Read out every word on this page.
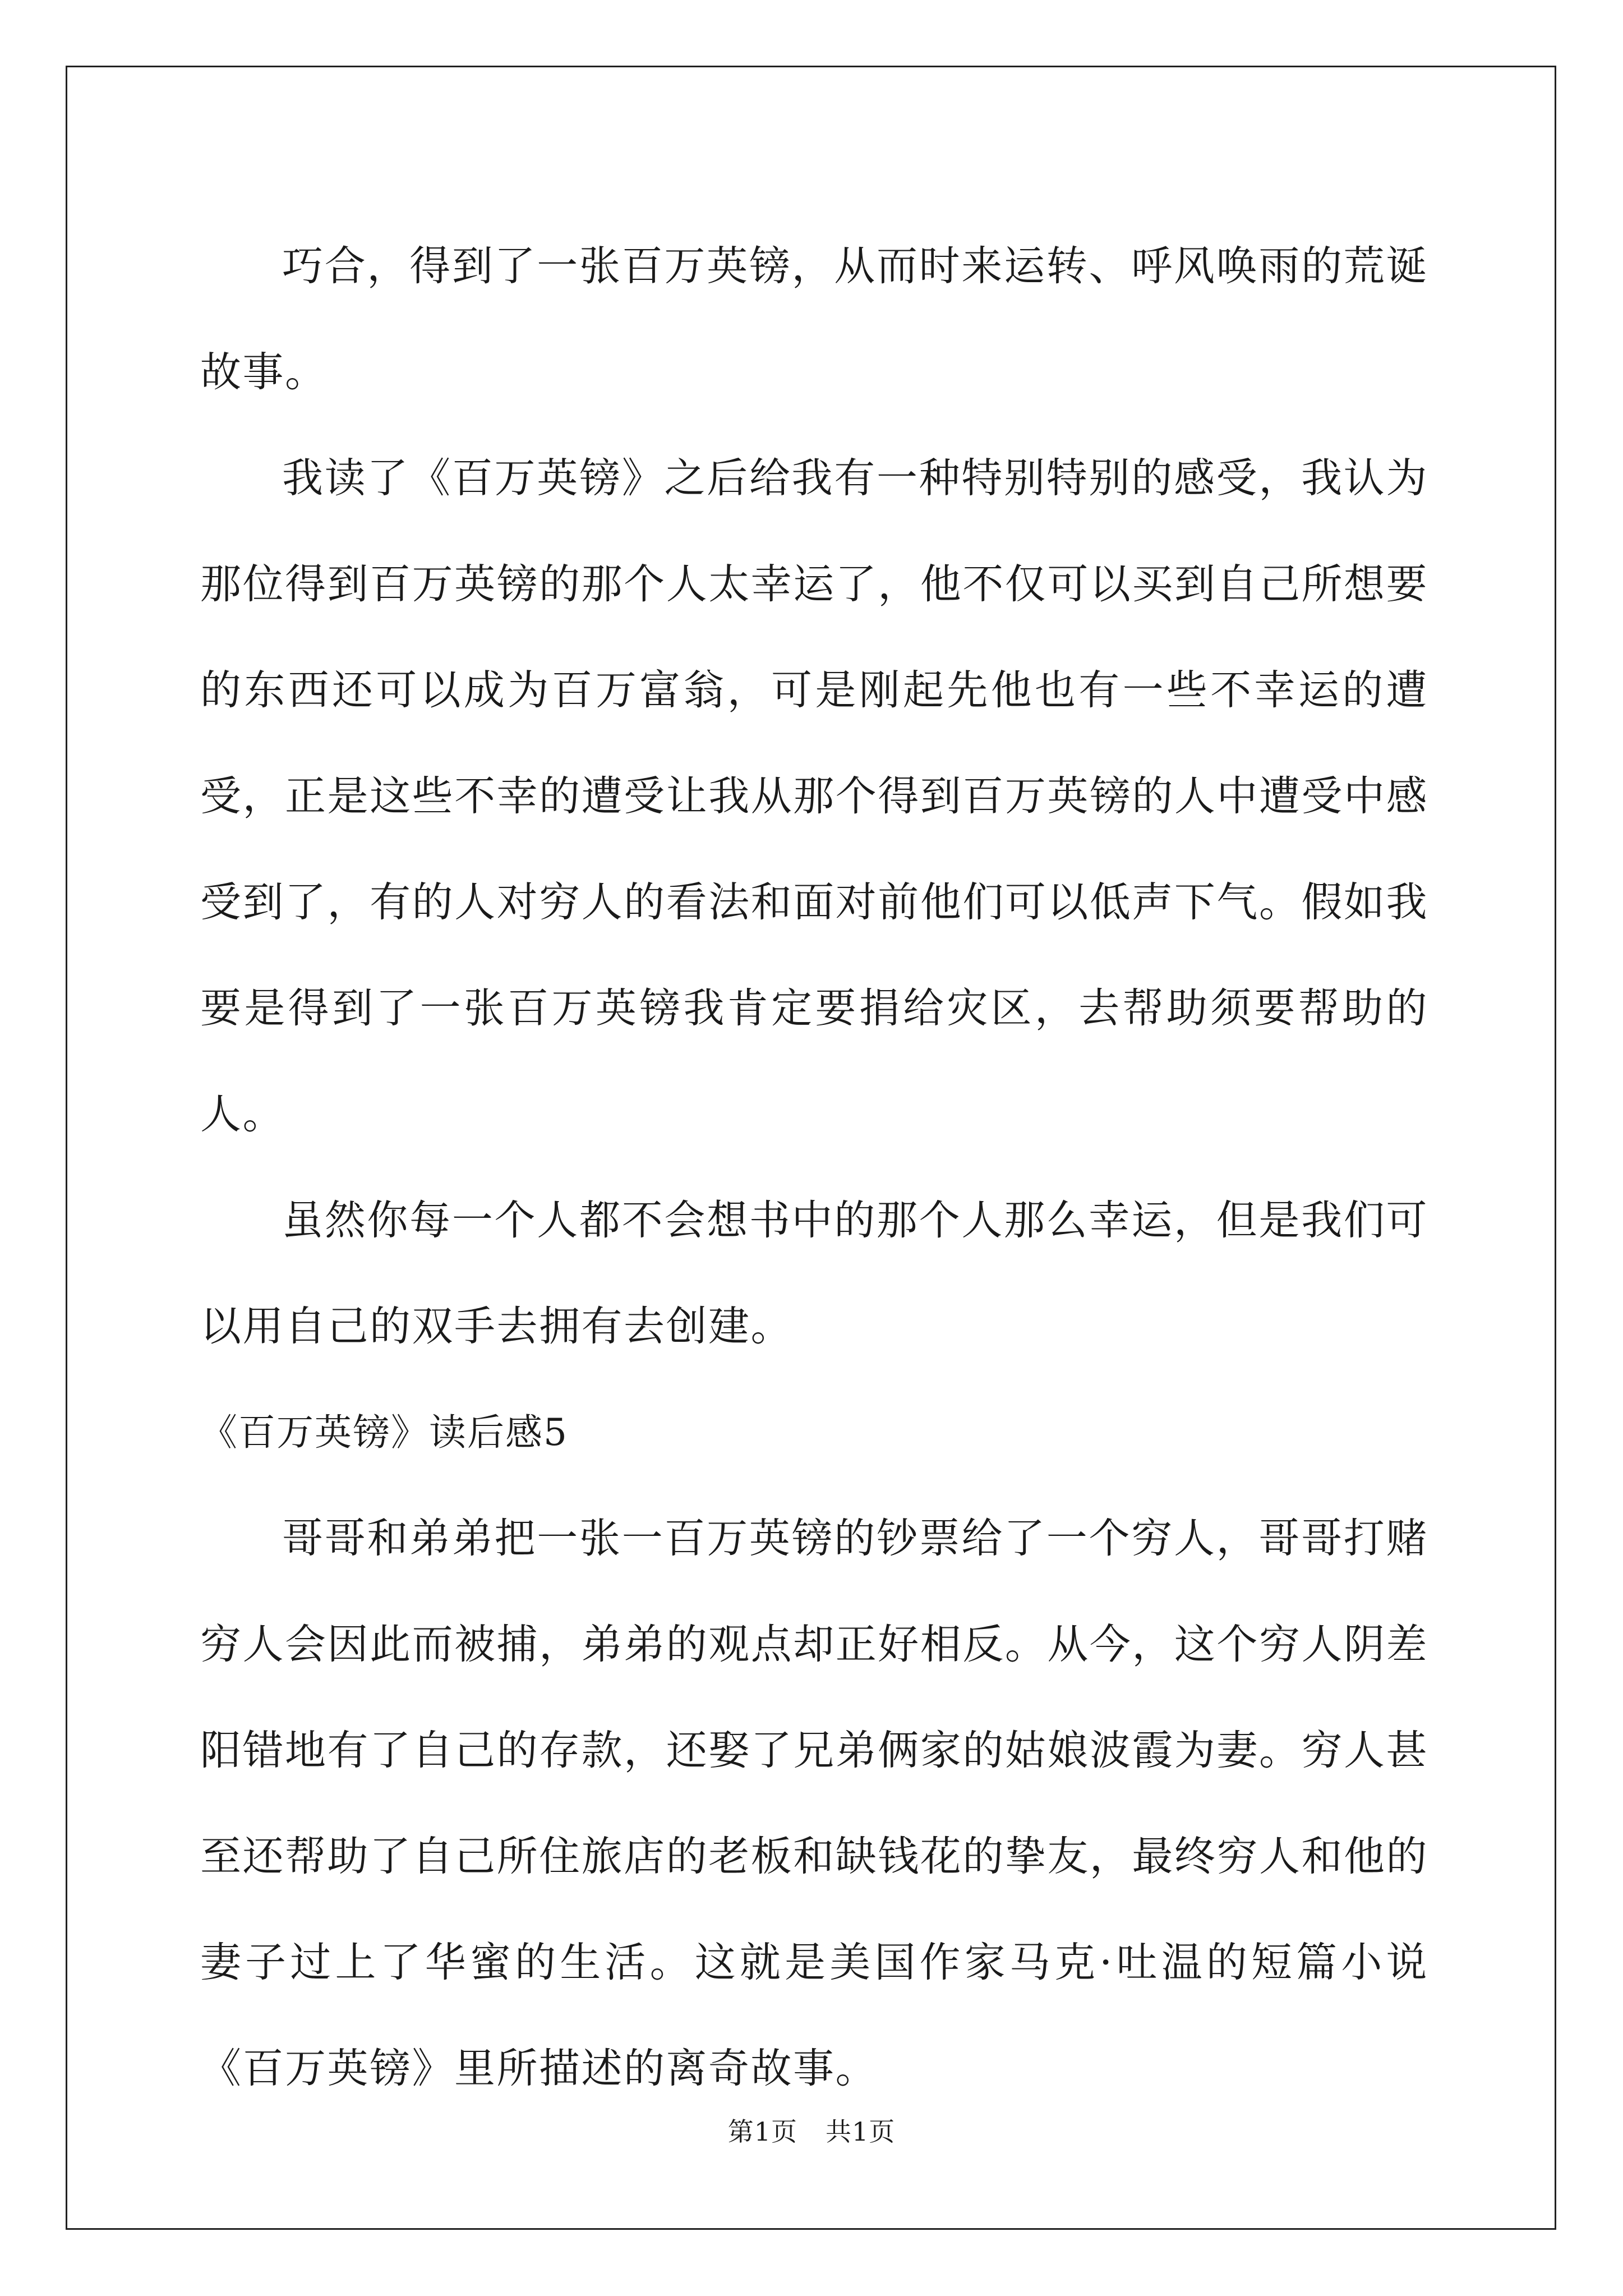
巧合，得到了一张百万英镑，从而时来运转、呼风唤雨的荒诞故事。

我读了《百万英镑》之后给我有一种特别特别的感受，我认为那位得到百万英镑的那个人太幸运了，他不仅可以买到自己所想要的东西还可以成为百万富翁，可是刚起先他也有一些不幸运的遭受，正是这些不幸的遭受让我从那个得到百万英镑的人中遭受中感受到了，有的人对穷人的看法和面对前他们可以低声下气。假如我要是得到了一张百万英镑我肯定要捐给灾区，去帮助须要帮助的人。

虽然你每一个人都不会想书中的那个人那么幸运，但是我们可以用自己的双手去拥有去创建。

《百万英镑》读后感5

哥哥和弟弟把一张一百万英镑的钞票给了一个穷人，哥哥打赌穷人会因此而被捕，弟弟的观点却正好相反。从今，这个穷人阴差阳错地有了自己的存款，还娶了兄弟俩家的姑娘波霞为妻。穷人甚至还帮助了自己所住旅店的老板和缺钱花的挚友，最终穷人和他的妻子过上了华蜜的生活。这就是美国作家马克·吐温的短篇小说《百万英镑》里所描述的离奇故事。

第1页 共1页
